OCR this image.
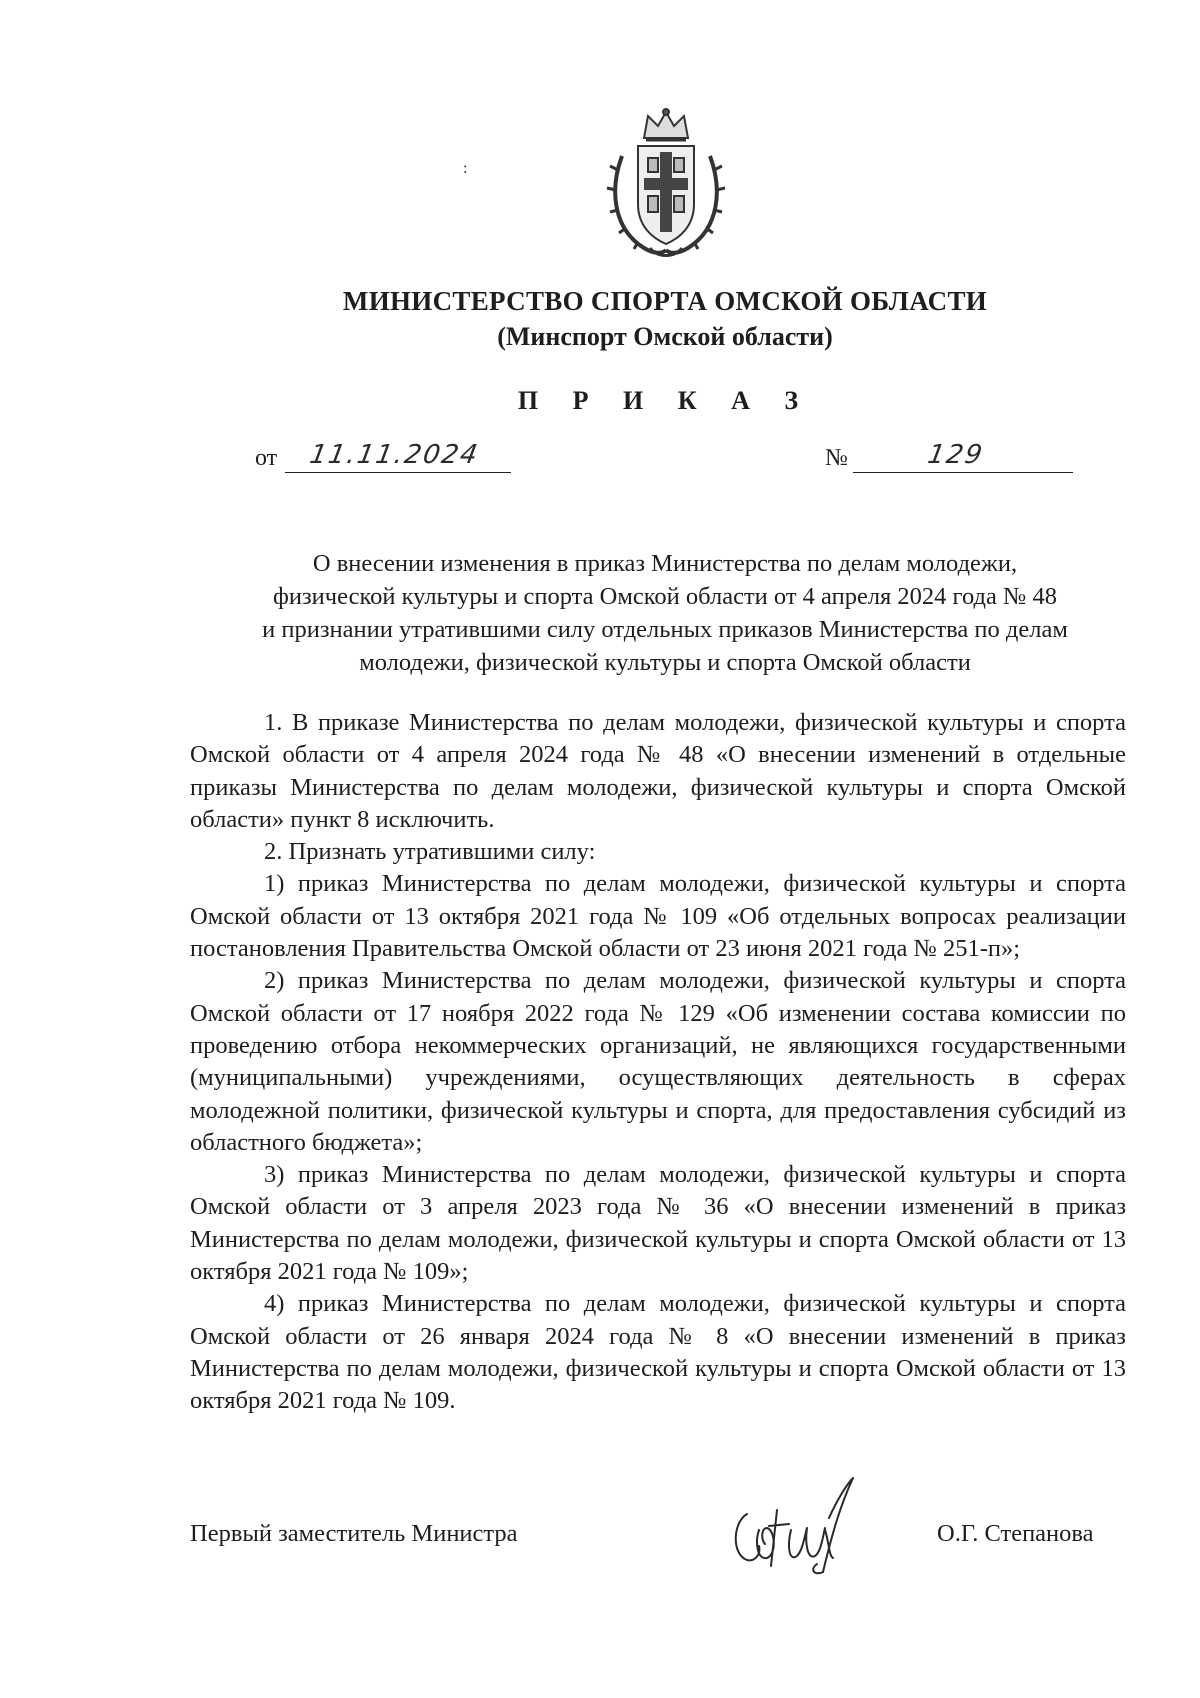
:
МИНИСТЕРСТВО СПОРТА ОМСКОЙ ОБЛАСТИ
(Минспорт Омской области)
П Р И К А З
от 11.11.2024	№	129
О внесении изменения в приказ Министерства по делам молодежи,
физической культуры и спорта Омской области от 4 апреля 2024 года № 48
и признании утратившими силу отдельных приказов Министерства по делам
молодежи, физической культуры и спорта Омской области

1. В приказе Министерства по делам молодежи, физической культуры и спорта Омской области от 4 апреля 2024 года № 48 «О внесении изменений в отдельные приказы Министерства по делам молодежи, физической культуры и спорта Омской области» пункт 8 исключить.

2. Признать утратившими силу:

1) приказ Министерства по делам молодежи, физической культуры и спорта Омской области от 13 октября 2021 года № 109 «Об отдельных вопросах реализации постановления Правительства Омской области от 23 июня 2021 года № 251-п»;

2) приказ Министерства по делам молодежи, физической культуры и спорта Омской области от 17 ноября 2022 года № 129 «Об изменении состава комиссии по проведению отбора некоммерческих организаций, не являющихся государственными (муниципальными) учреждениями, осуществляющих деятельность в сферах молодежной политики, физической культуры и спорта, для предоставления субсидий из областного бюджета»;

3) приказ Министерства по делам молодежи, физической культуры и спорта Омской области от 3 апреля 2023 года № 36 «О внесении изменений в приказ Министерства по делам молодежи, физической культуры и спорта Омской области от 13 октября 2021 года № 109»;

4) приказ Министерства по делам молодежи, физической культуры и спорта Омской области от 26 января 2024 года № 8 «О внесении изменений в приказ Министерства по делам молодежи, физической культуры и спорта Омской области от 13 октября 2021 года № 109.

Первый заместитель Министра	О.Г. Степанова
